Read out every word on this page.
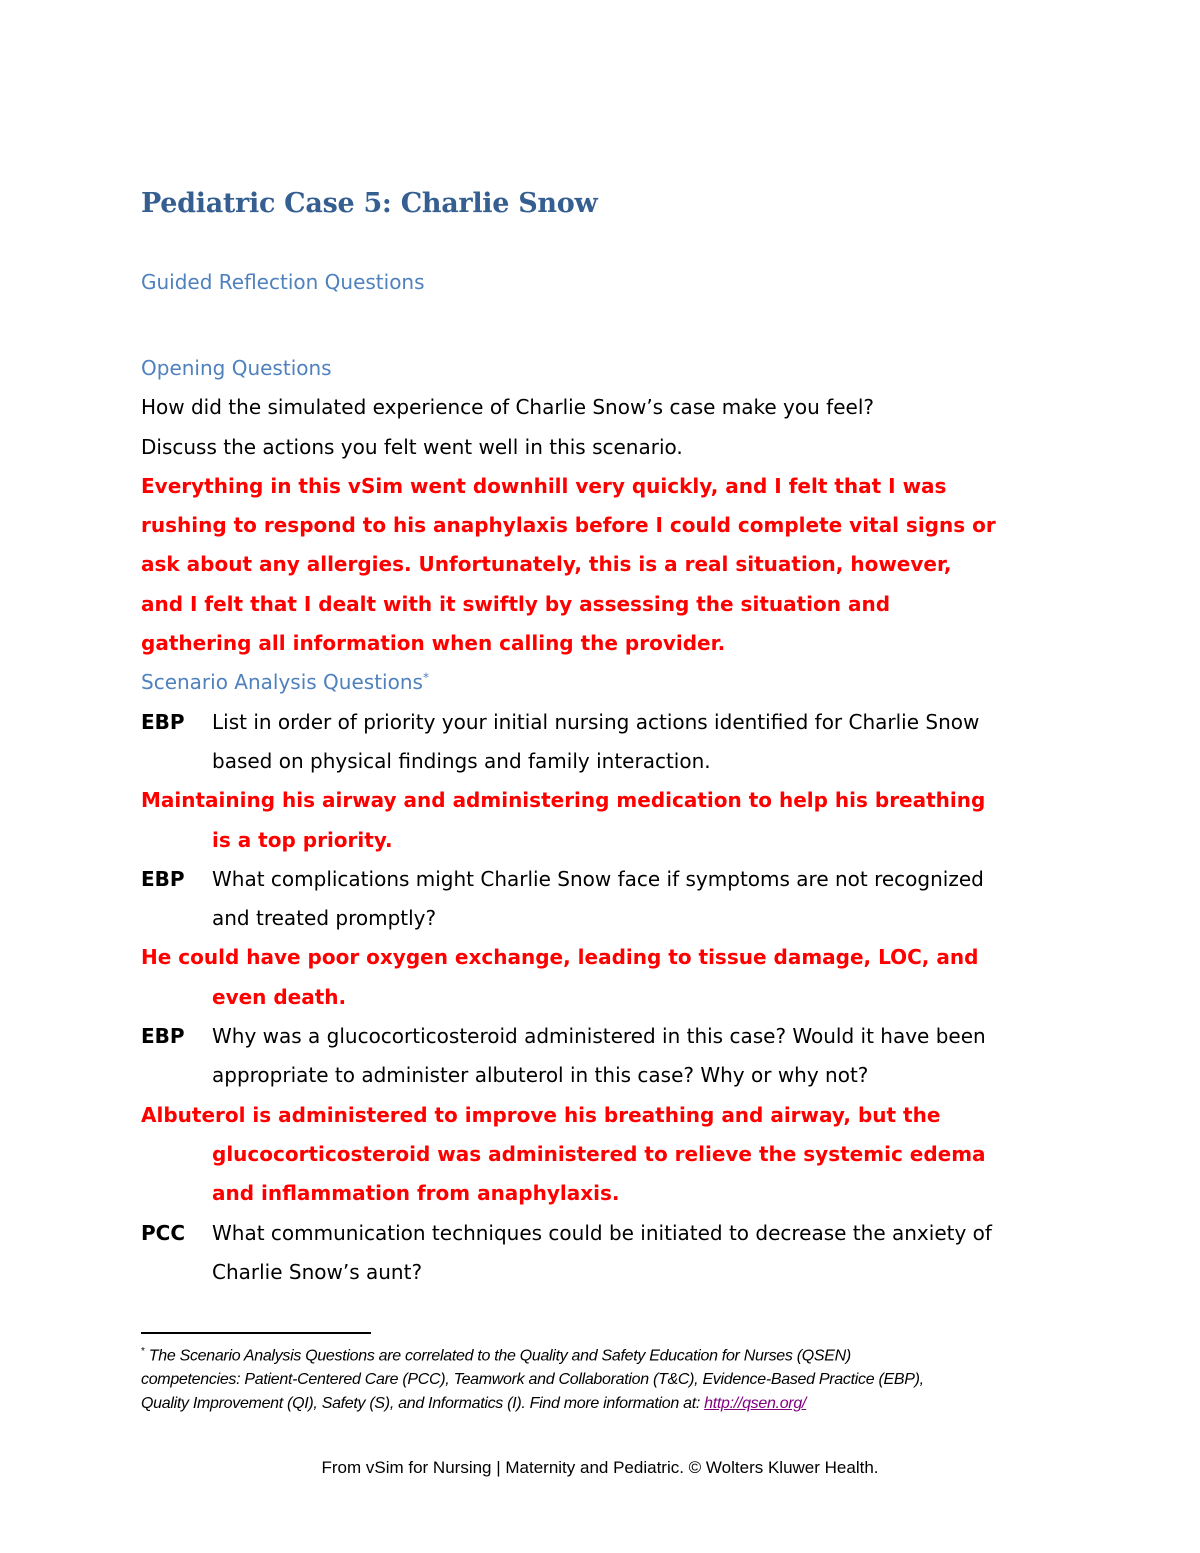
Pediatric Case 5: Charlie Snow
Guided Reflection Questions
Opening Questions
How did the simulated experience of Charlie Snow’s case make you feel?
Discuss the actions you felt went well in this scenario.
Everything in this vSim went downhill very quickly, and I felt that I was
rushing to respond to his anaphylaxis before I could complete vital signs or
ask about any allergies. Unfortunately, this is a real situation, however,
and I felt that I dealt with it swiftly by assessing the situation and
gathering all information when calling the provider.
Scenario Analysis Questions*
EBP List in order of priority your initial nursing actions identified for Charlie Snow
based on physical findings and family interaction.
Maintaining his airway and administering medication to help his breathing
is a top priority.
EBP What complications might Charlie Snow face if symptoms are not recognized
and treated promptly?
He could have poor oxygen exchange, leading to tissue damage, LOC, and
even death.
EBP Why was a glucocorticosteroid administered in this case? Would it have been
appropriate to administer albuterol in this case? Why or why not?
Albuterol is administered to improve his breathing and airway, but the
glucocorticosteroid was administered to relieve the systemic edema
and inflammation from anaphylaxis.
PCC What communication techniques could be initiated to decrease the anxiety of
Charlie Snow’s aunt?
* The Scenario Analysis Questions are correlated to the Quality and Safety Education for Nurses (QSEN)
competencies: Patient-Centered Care (PCC), Teamwork and Collaboration (T&C), Evidence-Based Practice (EBP),
Quality Improvement (QI), Safety (S), and Informatics (I). Find more information at: http://qsen.org/
From vSim for Nursing | Maternity and Pediatric. © Wolters Kluwer Health.
